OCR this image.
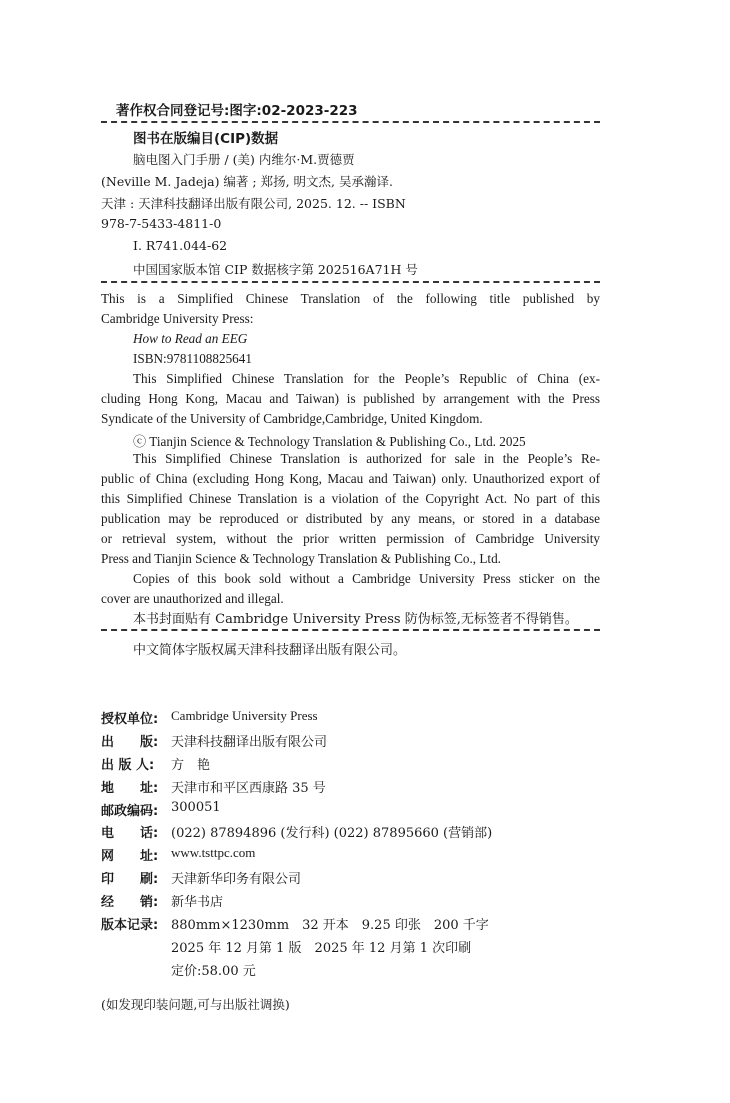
著作权合同登记号:图字:02-2023-223
图书在版编目(CIP)数据
脑电图入门手册 / (美) 内维尔·M.贾德贾
(Neville M. Jadeja) 编著 ; 郑扬, 明文杰, 吴承瀚译.
天津 : 天津科技翻译出版有限公司, 2025. 12. -- ISBN
978-7-5433-4811-0
Ⅰ. R741.044-62
中国国家版本馆 CIP 数据核字第 202516A71H 号
This is a Simplified Chinese Translation of the following title published by
Cambridge University Press:
How to Read an EEG
ISBN:9781108825641
This Simplified Chinese Translation for the People’s Republic of China (ex-
cluding Hong Kong, Macau and Taiwan) is published by arrangement with the Press
Syndicate of the University of Cambridge,Cambridge, United Kingdom.
ⓒ Tianjin Science & Technology Translation & Publishing Co., Ltd. 2025
This Simplified Chinese Translation is authorized for sale in the People’s Re-
public of China (excluding Hong Kong, Macau and Taiwan) only. Unauthorized export of
this Simplified Chinese Translation is a violation of the Copyright Act. No part of this
publication may be reproduced or distributed by any means, or stored in a database
or retrieval system, without the prior written permission of Cambridge University
Press and Tianjin Science & Technology Translation & Publishing Co., Ltd.
Copies of this book sold without a Cambridge University Press sticker on the
cover are unauthorized and illegal.
本书封面贴有 Cambridge University Press 防伪标签,无标签者不得销售。
中文简体字版权属天津科技翻译出版有限公司。
授权单位: Cambridge University Press
出　　版: 天津科技翻译出版有限公司
出 版 人: 方　艳
地　　址: 天津市和平区西康路 35 号
邮政编码: 300051
电　　话: (022) 87894896 (发行科) (022) 87895660 (营销部)
网　　址: www.tsttpc.com
印　　刷: 天津新华印务有限公司
经　　销: 新华书店
版本记录: 880mm×1230mm　32 开本　9.25 印张　200 千字
2025 年 12 月第 1 版　2025 年 12 月第 1 次印刷
定价:58.00 元
(如发现印装问题,可与出版社调换)
